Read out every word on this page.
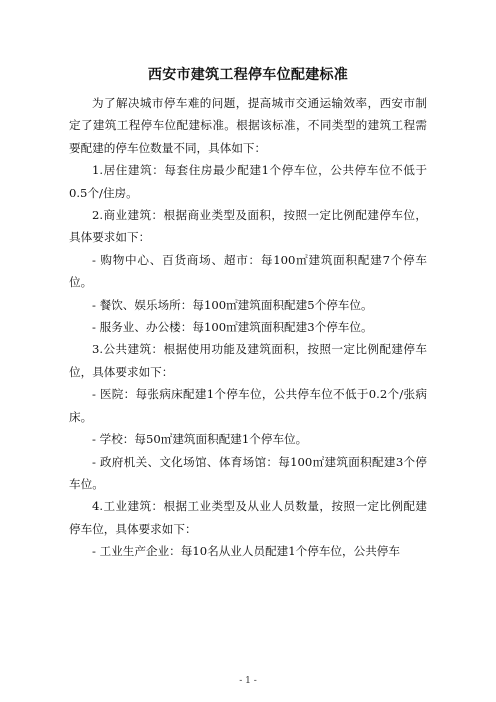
西安市建筑工程停车位配建标准

为了解决城市停车难的问题，提高城市交通运输效率，西安市制定了建筑工程停车位配建标准。根据该标准，不同类型的建筑工程需要配建的停车位数量不同，具体如下：

1.居住建筑：每套住房最少配建1个停车位，公共停车位不低于0.5个/住房。

2.商业建筑：根据商业类型及面积，按照一定比例配建停车位，具体要求如下：

- 购物中心、百货商场、超市：每100㎡建筑面积配建7个停车位。

- 餐饮、娱乐场所：每100㎡建筑面积配建5个停车位。

- 服务业、办公楼：每100㎡建筑面积配建3个停车位。

3.公共建筑：根据使用功能及建筑面积，按照一定比例配建停车位，具体要求如下：

- 医院：每张病床配建1个停车位，公共停车位不低于0.2个/张病床。

- 学校：每50㎡建筑面积配建1个停车位。

- 政府机关、文化场馆、体育场馆：每100㎡建筑面积配建3个停车位。

4.工业建筑：根据工业类型及从业人员数量，按照一定比例配建停车位，具体要求如下：

- 工业生产企业：每10名从业人员配建1个停车位，公共停车

- 1 -
